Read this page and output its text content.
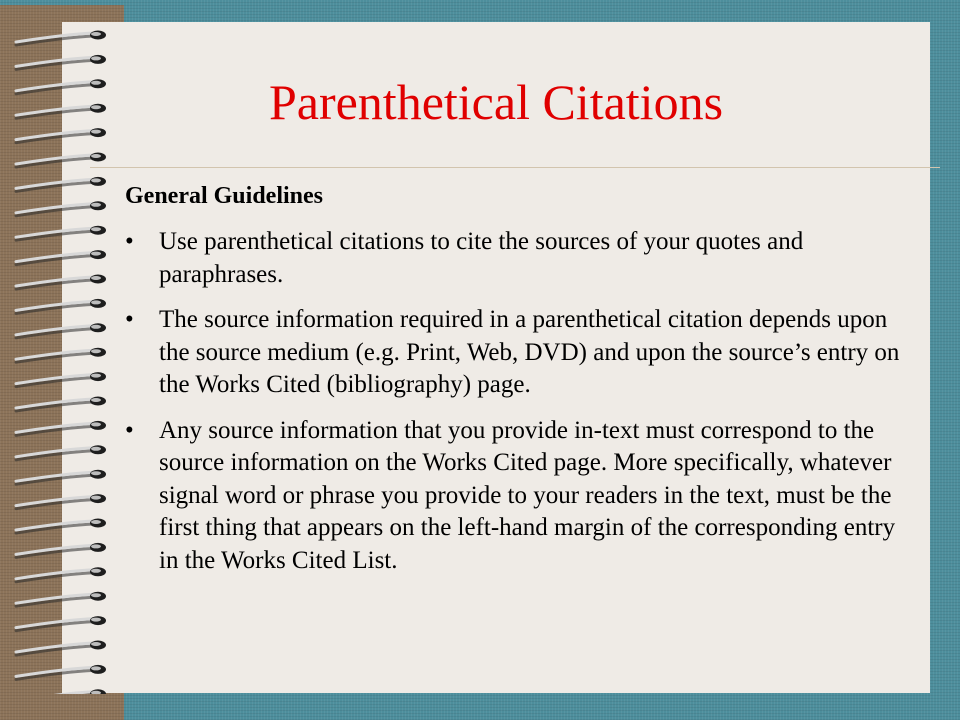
Parenthetical Citations
General Guidelines
• Use parenthetical citations to cite the sources of your quotes and paraphrases.
• The source information required in a parenthetical citation depends upon the source medium (e.g. Print, Web, DVD) and upon the source’s entry on the Works Cited (bibliography) page.
• Any source information that you provide in-text must correspond to the source information on the Works Cited page. More specifically, whatever signal word or phrase you provide to your readers in the text, must be the first thing that appears on the left-hand margin of the corresponding entry in the Works Cited List.
